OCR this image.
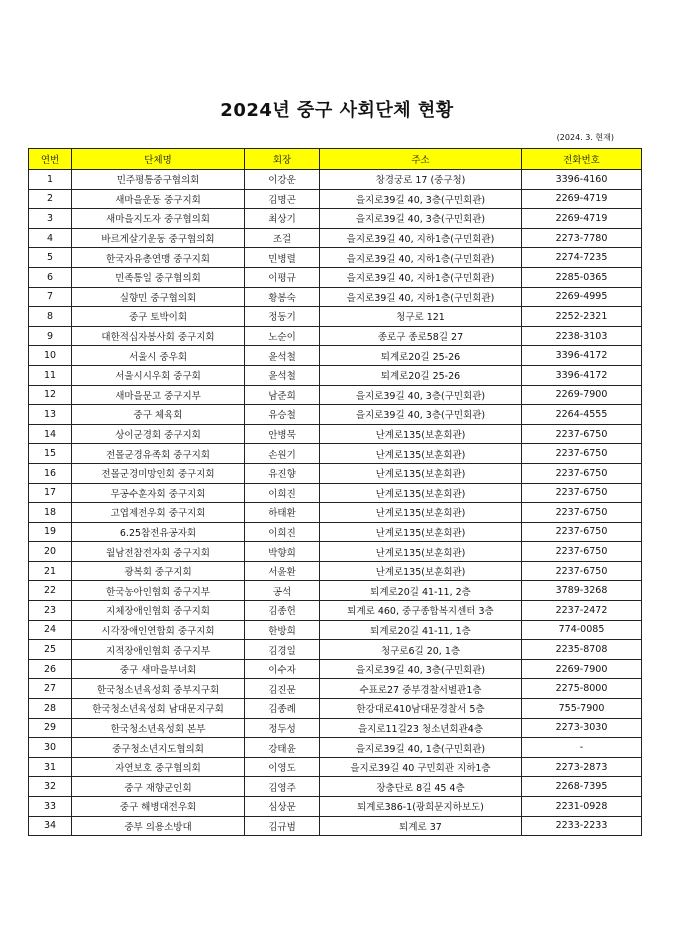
2024년 중구 사회단체 현황
(2024. 3. 현재)
연번	단체명	회장	주소	전화번호
1	민주평통중구협의회	이강운	창경궁로 17 (중구청)	3396-4160
2	새마을운동 중구지회	김명곤	을지로39길 40, 3층(구민회관)	2269-4719
3	새마을지도자 중구협의회	최상기	을지로39길 40, 3층(구민회관)	2269-4719
4	바르게살기운동 중구협의회	조걸	을지로39길 40, 지하1층(구민회관)	2273-7780
5	한국자유총연맹 중구지회	민병렬	을지로39길 40, 지하1층(구민회관)	2274-7235
6	민족통일 중구협의회	이평규	을지로39길 40, 지하1층(구민회관)	2285-0365
7	실향민 중구협의회	황봉숙	을지로39길 40, 지하1층(구민회관)	2269-4995
8	중구 토박이회	정동기	청구로 121	2252-2321
9	대한적십자봉사회 중구지회	노순이	종로구 종로58길 27	2238-3103
10	서울시 중우회	윤석철	퇴계로20길 25-26	3396-4172
11	서울시시우회 중구회	윤석철	퇴계로20길 25-26	3396-4172
12	새마을문고 중구지부	남준희	을지로39길 40, 3층(구민회관)	2269-7900
13	중구 체육회	유승철	을지로39길 40, 3층(구민회관)	2264-4555
14	상이군경회 중구지회	안병묵	난계로135(보훈회관)	2237-6750
15	전몰군경유족회 중구지회	손원기	난계로135(보훈회관)	2237-6750
16	전몰군경미망인회 중구지회	유진향	난계로135(보훈회관)	2237-6750
17	무공수훈자회 중구지회	이희진	난계로135(보훈회관)	2237-6750
18	고엽제전우회 중구지회	하태환	난계로135(보훈회관)	2237-6750
19	6.25참전유공자회	이희진	난계로135(보훈회관)	2237-6750
20	월남전참전자회 중구지회	박향희	난계로135(보훈회관)	2237-6750
21	광복회 중구지회	서윤환	난계로135(보훈회관)	2237-6750
22	한국농아인협회 중구지부	공석	퇴계로20길 41-11, 2층	3789-3268
23	지체장애인협회 중구지회	김종헌	퇴계로 460, 중구종합복지센터 3층	2237-2472
24	시각장애인연합회 중구지회	한방희	퇴계로20길 41-11, 1층	774-0085
25	지적장애인협회 중구지부	김경일	청구로6길 20, 1층	2235-8708
26	중구 새마을부녀회	이수자	을지로39길 40, 3층(구민회관)	2269-7900
27	한국청소년육성회 중부지구회	김진문	수표로27 중부경찰서별관1층	2275-8000
28	한국청소년육성회 남대문지구회	김종례	한강대로410남대문경찰서 5층	755-7900
29	한국청소년육성회 본부	정두성	을지로11길23 청소년회관4층	2273-3030
30	중구청소년지도협의회	강태윤	을지로39길 40, 1층(구민회관)	-
31	자연보호 중구협의회	이영도	을지로39길 40 구민회관 지하1층	2273-2873
32	중구 재향군인회	김영주	장충단로 8길 45 4층	2268-7395
33	중구 해병대전우회	심상문	퇴계로386-1(광희문지하보도)	2231-0928
34	중부 의용소방대	김규범	퇴계로 37	2233-2233
